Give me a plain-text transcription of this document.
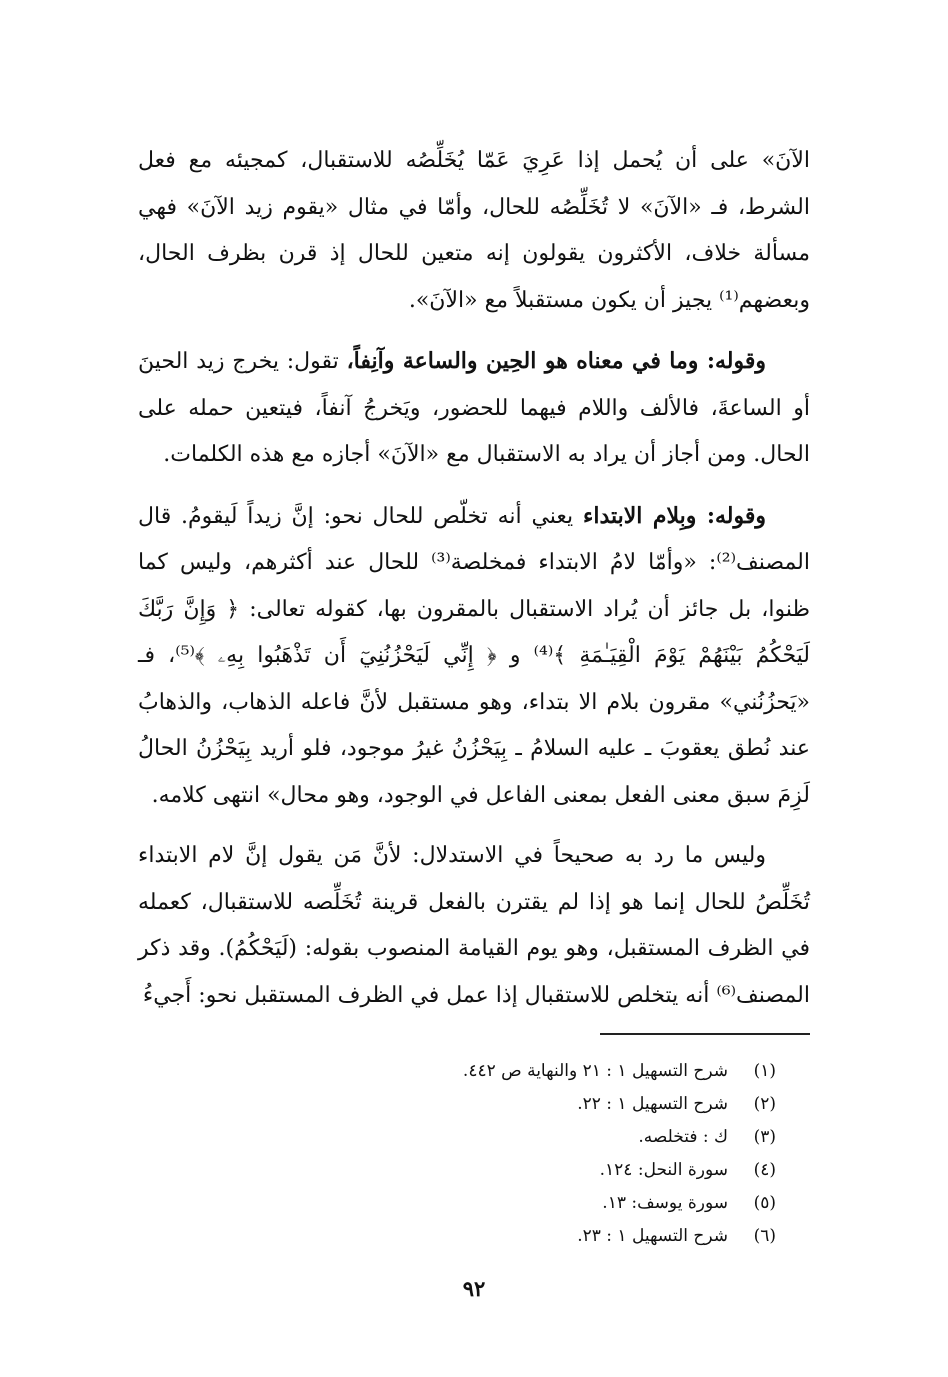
الآنَ» على أن يُحمل إذا عَرِيَ عَمّا يُخَلِّصُه للاستقبال، كمجيئه مع فعل الشرط، فـ «الآنَ» لا تُخَلِّصُه للحال، وأمّا في مثال «يقوم زيد الآنَ» فهي مسألة خلاف، الأكثرون يقولون إنه متعين للحال إذ قرن بظرف الحال، وبعضهم⁽¹⁾ يجيز أن يكون مستقبلاً مع «الآنَ».

وقوله: وما في معناه هو الحِين والساعة وآنِفاً، تقول: يخرج زيد الحينَ أو الساعةَ، فالألف واللام فيهما للحضور، ويَخرجُ آنفاً، فيتعين حمله على الحال. ومن أجاز أن يراد به الاستقبال مع «الآنَ» أجازه مع هذه الكلمات.

وقوله: وبِلام الابتداء يعني أنه تخلّص للحال نحو: إنَّ زيداً لَيقومُ. قال المصنف⁽²⁾: «وأمّا لامُ الابتداء فمخلصة⁽³⁾ للحال عند أكثرهم، وليس كما ظنوا، بل جائز أن يُراد الاستقبال بالمقرون بها، كقوله تعالى: ﴿ وَإِنَّ رَبَّكَ لَيَحْكُمُ بَيْنَهُمْ يَوْمَ الْقِيَـٰمَةِ ﴾⁽⁴⁾ و ﴿ إِنِّي لَيَحْزُنُنِيٓ أَن تَذْهَبُوا بِهِۦ ﴾⁽⁵⁾، فـ «يَحزُنُني» مقرون بلام الا بتداء، وهو مستقبل لأنَّ فاعله الذهاب، والذهابُ عند نُطق يعقوبَ ـ عليه السلامُ ـ بِيَحْزُنُ غيرُ موجود، فلو أريد بِيَحْزُنُ الحالُ لَزِمَ سبق معنى الفعل بمعنى الفاعل في الوجود، وهو محال» انتهى كلامه.

وليس ما رد به صحيحاً في الاستدلال: لأنَّ مَن يقول إنَّ لام الابتداء تُخَلِّصُ للحال إنما هو إذا لم يقترن بالفعل قرينة تُخَلِّصه للاستقبال، كعمله في الظرف المستقبل، وهو يوم القيامة المنصوب بقوله: (لَيَحْكُمُ). وقد ذكر المصنف⁽⁶⁾ أنه يتخلص للاستقبال إذا عمل في الظرف المستقبل نحو: أَجيءُ

(١)
شرح التسهيل ١ : ٢١ والنهاية ص ٤٤٢.
(٢)
شرح التسهيل ١ : ٢٢.
(٣)
ك : فتخلصه.
(٤)
سورة النحل: ١٢٤.
(٥)
سورة يوسف: ١٣.
(٦)
شرح التسهيل ١ : ٢٣.
٩٢
